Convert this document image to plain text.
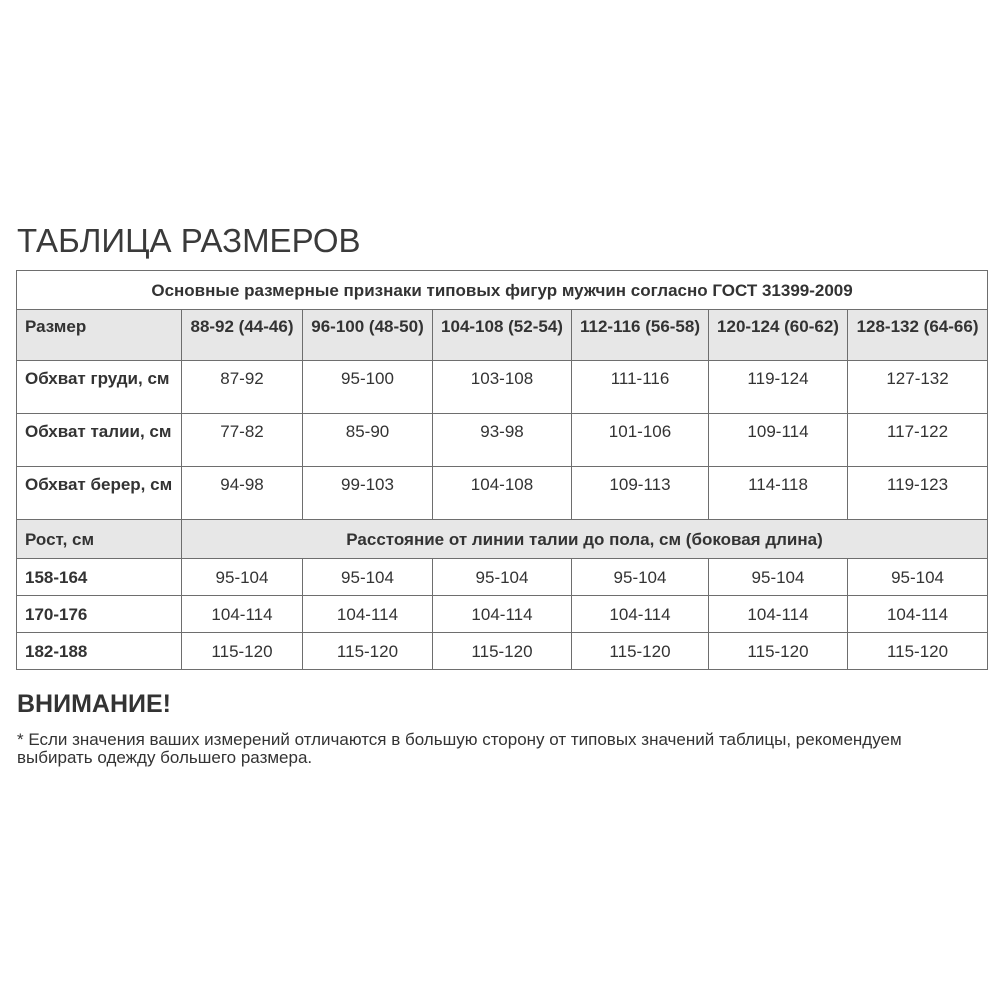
ТАБЛИЦА РАЗМЕРОВ
Основные размерные признаки типовых фигур мужчин согласно ГОСТ 31399-2009						
Размер	88-92 (44-46)	96-100 (48-50)	104-108 (52-54)	112-116 (56-58)	120-124 (60-62)	128-132 (64-66)
Обхват груди, см	87-92	95-100	103-108	111-116	119-124	127-132
Обхват талии, см	77-82	85-90	93-98	101-106	109-114	117-122
Обхват берер, см	94-98	99-103	104-108	109-113	114-118	119-123
Рост, см	Расстояние от линии талии до пола, см (боковая длина)					
158-164	95-104	95-104	95-104	95-104	95-104	95-104
170-176	104-114	104-114	104-114	104-114	104-114	104-114
182-188	115-120	115-120	115-120	115-120	115-120	115-120
ВНИМАНИЕ!

* Если значения ваших измерений отличаются в большую сторону от типовых значений таблицы, рекомендуем выбирать одежду большего размера.
